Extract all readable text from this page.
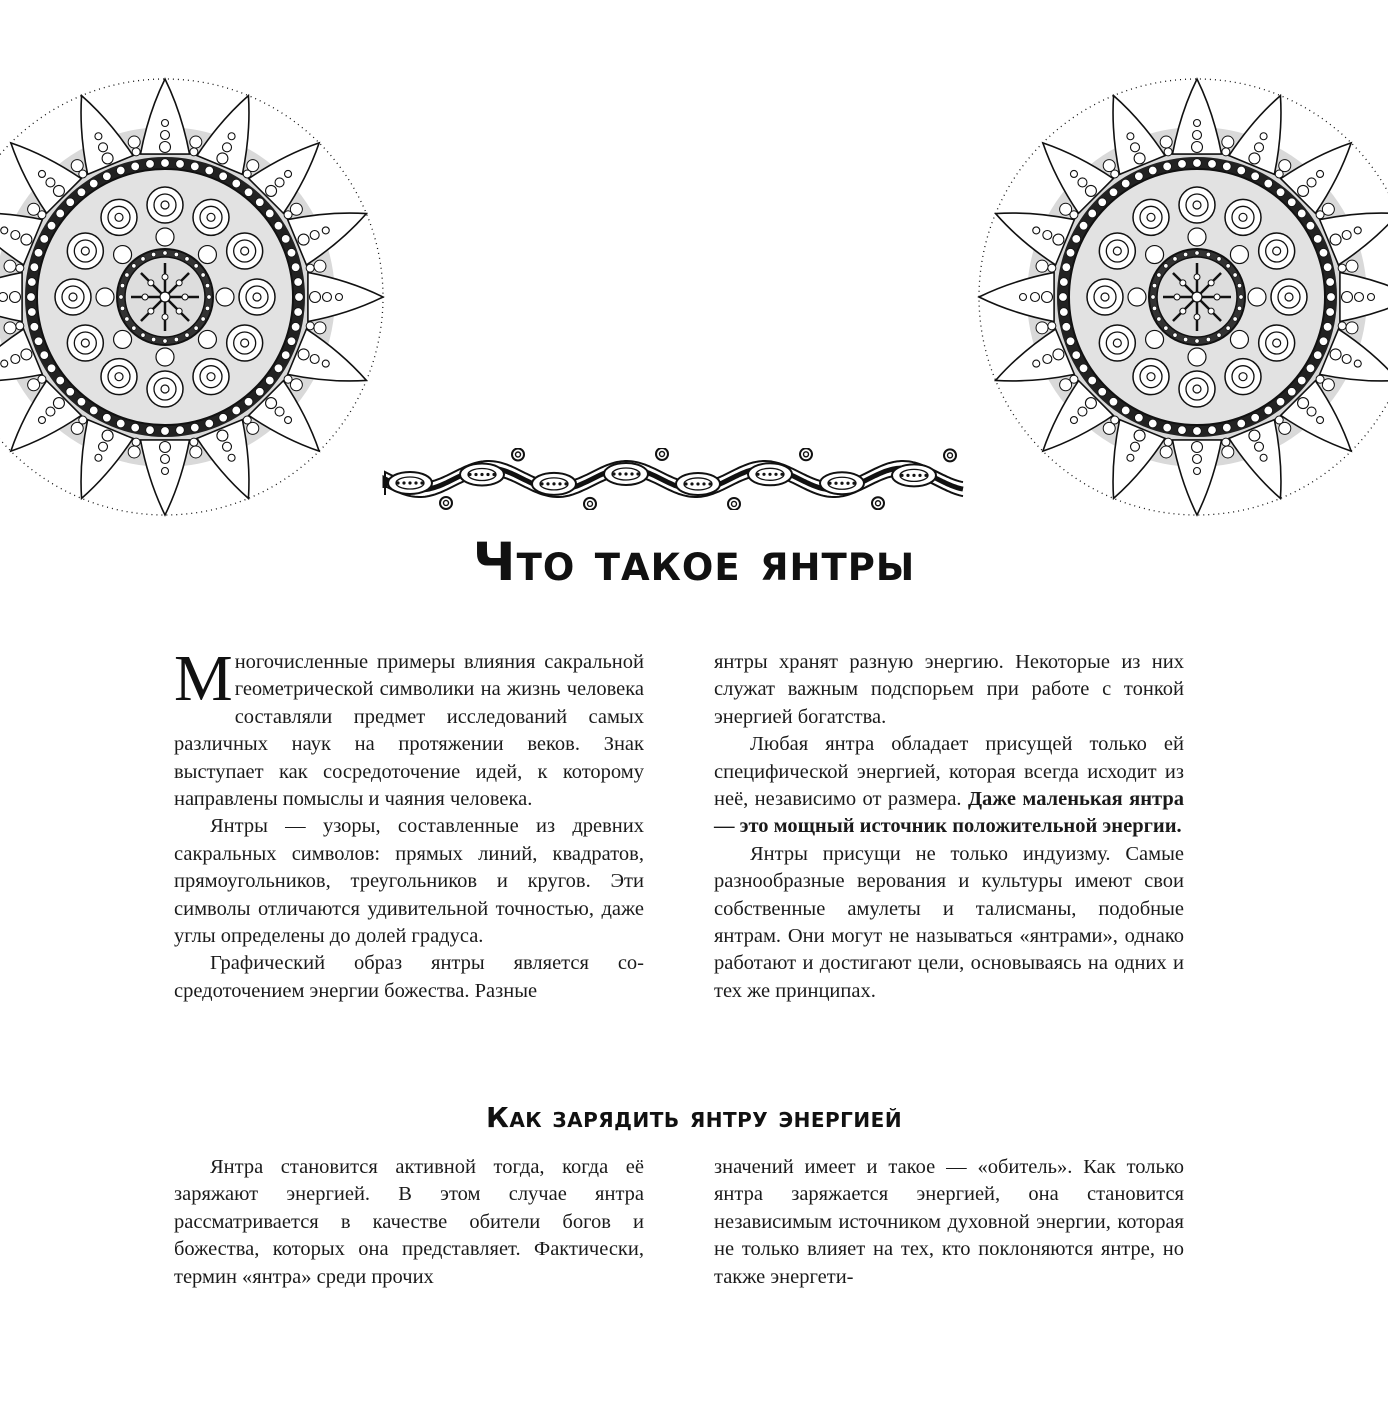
Что такое янтры

Многочисленные примеры влияния сакральной геометрической символики на жизнь человека составляли предмет исследований самых различных наук на протяжении веков. Знак выступает как сосредоточение идей, к которому направлены помыслы и чаяния человека.

Янтры — узоры, составленные из древних сакральных символов: прямых линий, квадратов, прямоугольников, треугольников и кругов. Эти символы отличаются удивительной точностью, даже углы определены до долей градуса.

Графический образ янтры является сосредоточением энергии божества. Разные

янтры хранят разную энергию. Некоторые из них служат важным подспорьем при работе с тонкой энергией богатства.

Любая янтра обладает присущей только ей специфической энергией, которая всегда исходит из неё, независимо от размера. Даже маленькая янтра — это мощный источник положительной энергии.

Янтры присущи не только индуизму. Самые разнообразные верования и культуры имеют свои собственные амулеты и талисманы, подобные янтрам. Они могут не называться «янтрами», однако работают и достигают цели, основываясь на одних и тех же принципах.

Как зарядить янтру энергией

Янтра становится активной тогда, когда её заряжают энергией. В этом случае янтра рассматривается в качестве обители богов и божества, которых она представляет. Фактически, термин «янтра» среди прочих

значений имеет и такое — «обитель». Как только янтра заряжается энергией, она становится независимым источником духовной энергии, которая не только влияет на тех, кто поклоняются янтре, но также энергети-
